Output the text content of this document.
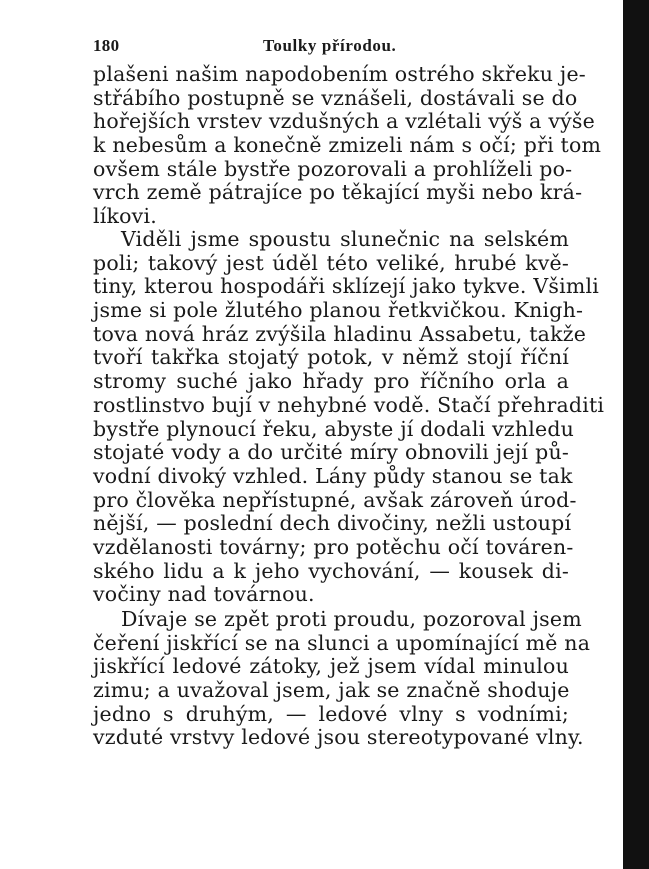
180	Toulky přírodou.
plašeni našim napodobením ostrého skřeku je-
střábího postupně se vznášeli, dostávali se do
hořejších vrstev vzdušných a vzlétali výš a výše
k nebesům a konečně zmizeli nám s očí; při tom
ovšem stále bystře pozorovali a prohlíželi po-
vrch země pátrajíce po těkající myši nebo krá-
líkovi.
Viděli jsme spoustu slunečnic na selském
poli; takový jest úděl této veliké, hrubé kvě-
tiny, kterou hospodáři sklízejí jako tykve. Všimli
jsme si pole žlutého planou řetkvičkou. Knigh-
tova nová hráz zvýšila hladinu Assabetu, takže
tvoří takřka stojatý potok, v němž stojí říční
stromy suché jako hřady pro říčního orla a
rostlinstvo bují v nehybné vodě. Stačí přehraditi
bystře plynoucí řeku, abyste jí dodali vzhledu
stojaté vody a do určité míry obnovili její pů-
vodní divoký vzhled. Lány půdy stanou se tak
pro člověka nepřístupné, avšak zároveň úrod-
nější, — poslední dech divočiny, nežli ustoupí
vzdělanosti továrny; pro potěchu očí továren-
ského lidu a k jeho vychování, — kousek di-
vočiny nad továrnou.
Dívaje se zpět proti proudu, pozoroval jsem
čeření jiskřící se na slunci a upomínající mě na
jiskřící ledové zátoky, jež jsem vídal minulou
zimu; a uvažoval jsem, jak se značně shoduje
jedno s druhým, — ledové vlny s vodními;
vzduté vrstvy ledové jsou stereotypované vlny.
